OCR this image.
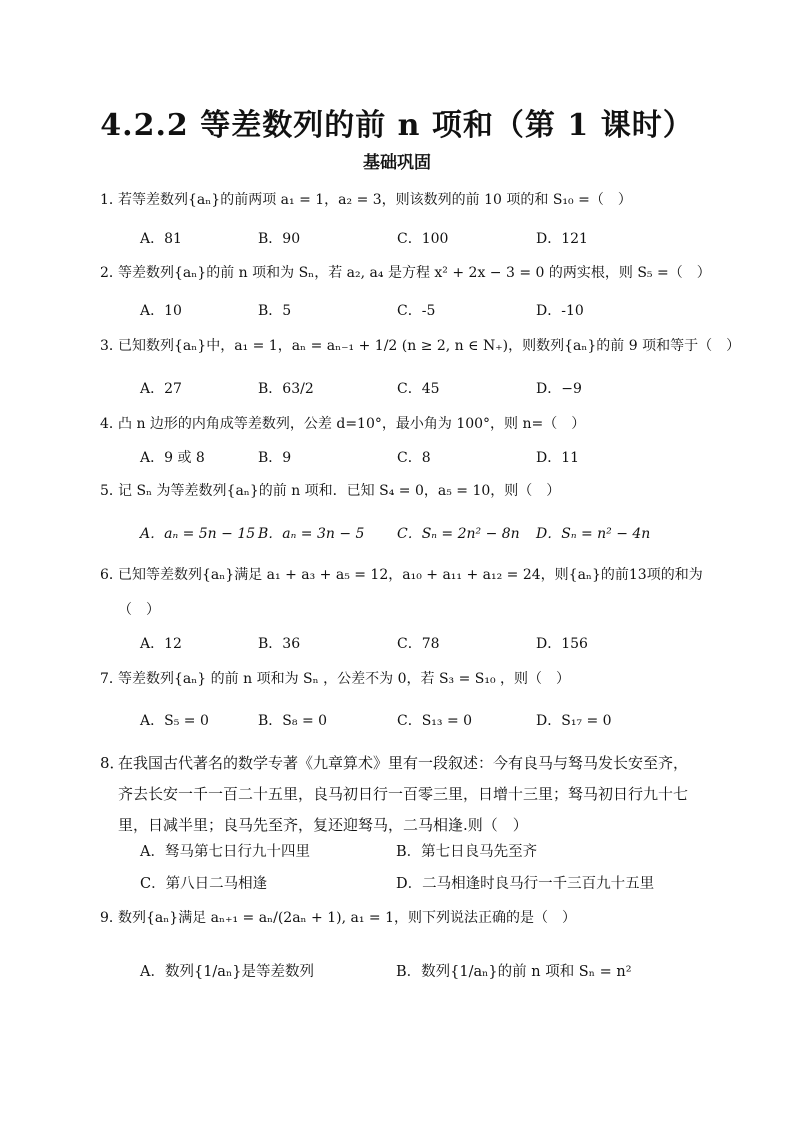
4.2.2 等差数列的前 n 项和（第 1 课时）
基础巩固
若等差数列{aₙ}的前两项 a₁ = 1，a₂ = 3，则该数列的前 10 项的和 S₁₀ =（　）
1．
A．81	B．90	C．100	D．121
2．
等差数列{aₙ}的前 n 项和为 Sₙ，若 a₂, a₄ 是方程 x² + 2x − 3 = 0 的两实根，则 S₅ =（　）
A．10	B．5	C．-5	D．-10
3．
已知数列{aₙ}中，a₁ = 1，aₙ = aₙ₋₁ + 1/2 (n ≥ 2, n ∈ N₊)，则数列{aₙ}的前 9 项和等于（　）
A．27	B．63/2	C．45	D．−9
4．
凸 n 边形的内角成等差数列，公差 d=10°，最小角为 100°，则 n=（　）
A．9 或 8	B．9	C．8	D．11
5．
记 Sₙ 为等差数列{aₙ}的前 n 项和．已知 S₄ = 0，a₅ = 10，则（　）
A．aₙ = 5n − 15 B．aₙ = 3n − 5 C．Sₙ = 2n² − 8n D．Sₙ = n² − 4n
6．
已知等差数列{aₙ}满足 a₁ + a₃ + a₅ = 12，a₁₀ + a₁₁ + a₁₂ = 24，则{aₙ}的前13项的和为
（　）
A．12	B．36	C．78	D．156
7．
等差数列{aₙ} 的前 n 项和为 Sₙ ，公差不为 0，若 S₃ = S₁₀ ，则（　）
A．S₅ = 0	B．S₈ = 0	C．S₁₃ = 0	D．S₁₇ = 0
8．
在我国古代著名的数学专著《九章算术》里有一段叙述：今有良马与驽马发长安至齐，齐去长安一千一百二十五里，良马初日行一百零三里，日增十三里；驽马初日行九十七里，日减半里；良马先至齐，复还迎驽马，二马相逢.则（　）
A．驽马第七日行九十四里	B．第七日良马先至齐
C．第八日二马相逢	D．二马相逢时良马行一千三百九十五里
9．
数列{aₙ}满足 aₙ₊₁ = aₙ/(2aₙ + 1), a₁ = 1，则下列说法正确的是（　）
A．数列{1/aₙ}是等差数列	B．数列{1/aₙ}的前 n 项和 Sₙ = n²
